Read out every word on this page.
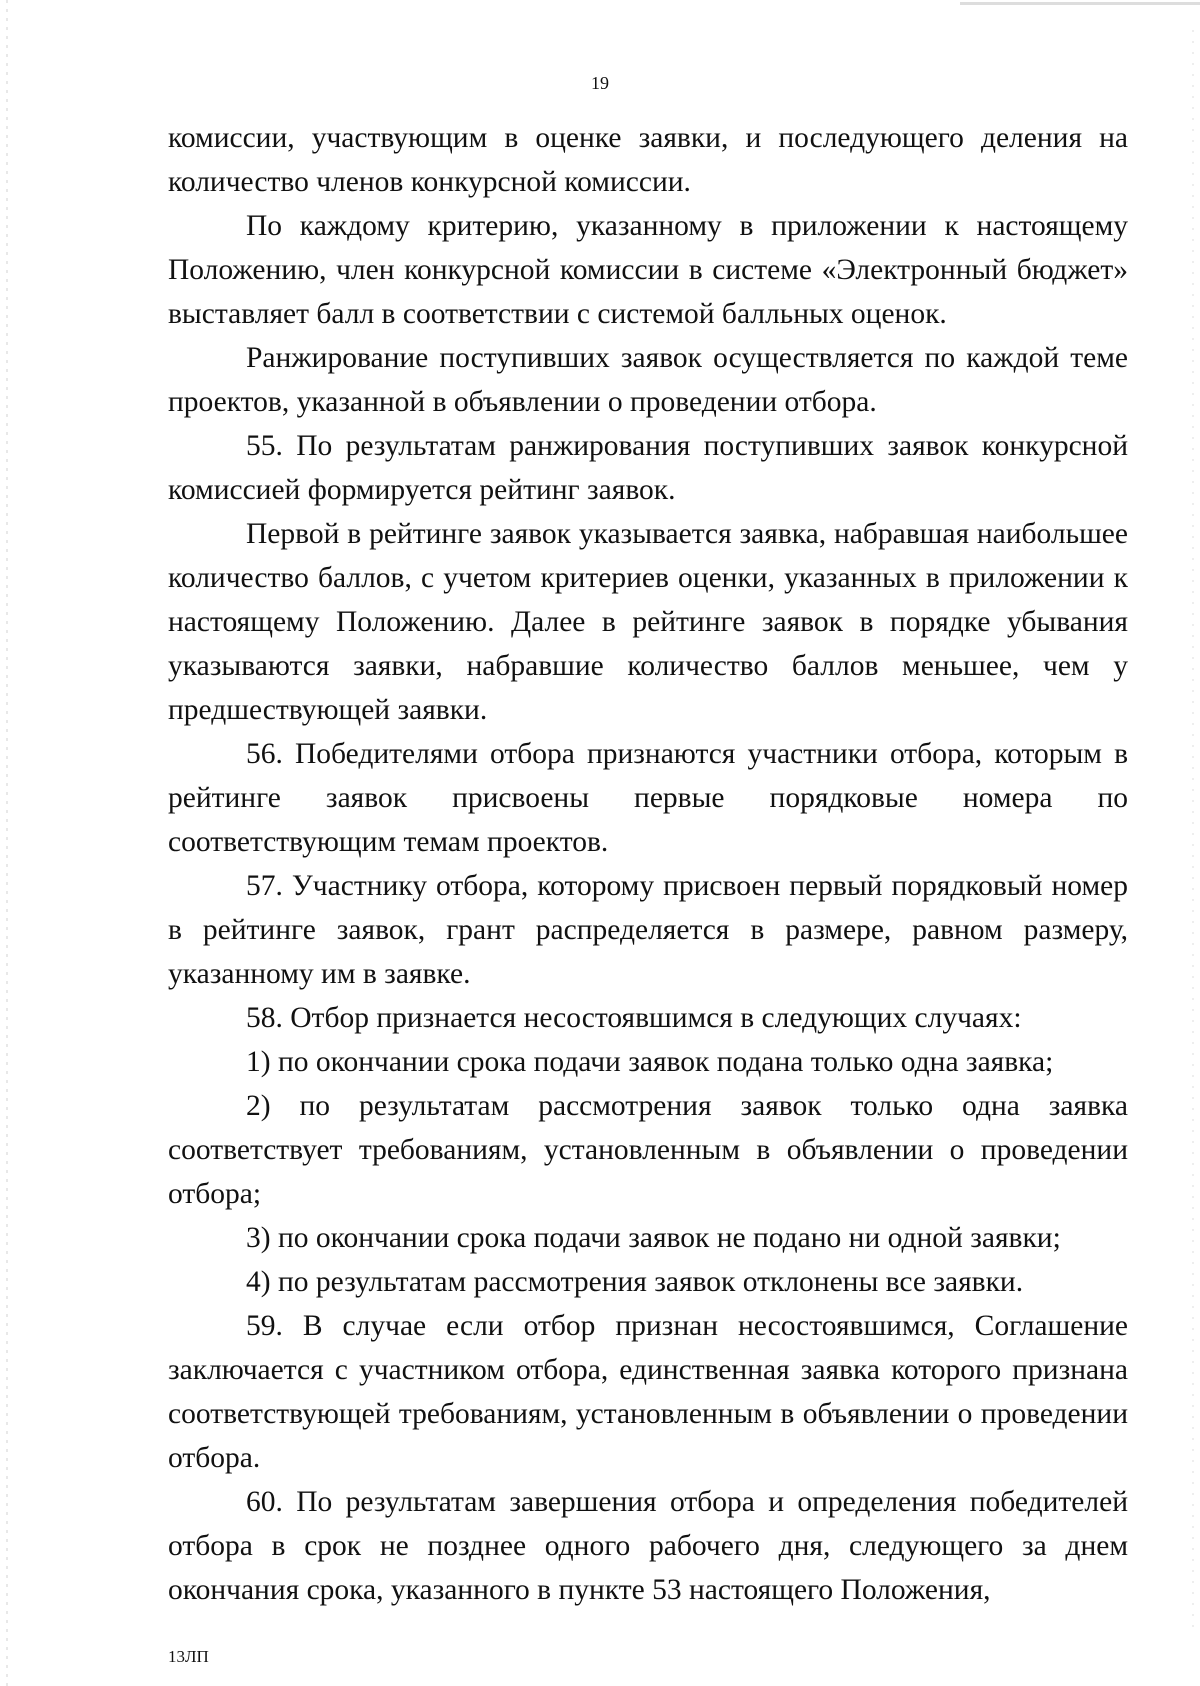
19

комиссии, участвующим в оценке заявки, и последующего деления на количество членов конкурсной комиссии.

По каждому критерию, указанному в приложении к настоящему Положению, член конкурсной комиссии в системе «Электронный бюджет» выставляет балл в соответствии с системой балльных оценок.

Ранжирование поступивших заявок осуществляется по каждой теме проектов, указанной в объявлении о проведении отбора.

55. По результатам ранжирования поступивших заявок конкурсной комиссией формируется рейтинг заявок.

Первой в рейтинге заявок указывается заявка, набравшая наибольшее количество баллов, с учетом критериев оценки, указанных в приложении к настоящему Положению. Далее в рейтинге заявок в порядке убывания указываются заявки, набравшие количество баллов меньшее, чем у предшествующей заявки.

56. Победителями отбора признаются участники отбора, которым в рейтинге заявок присвоены первые порядковые номера по соответствующим темам проектов.

57. Участнику отбора, которому присвоен первый порядковый номер в рейтинге заявок, грант распределяется в размере, равном размеру, указанному им в заявке.

58. Отбор признается несостоявшимся в следующих случаях:

1) по окончании срока подачи заявок подана только одна заявка;

2) по результатам рассмотрения заявок только одна заявка соответствует требованиям, установленным в объявлении о проведении отбора;

3) по окончании срока подачи заявок не подано ни одной заявки;

4) по результатам рассмотрения заявок отклонены все заявки.

59. В случае если отбор признан несостоявшимся, Соглашение заключается с участником отбора, единственная заявка которого признана соответствующей требованиям, установленным в объявлении о проведении отбора.

60. По результатам завершения отбора и определения победителей отбора в срок не позднее одного рабочего дня, следующего за днем окончания срока, указанного в пункте 53 настоящего Положения,

13ЛП
